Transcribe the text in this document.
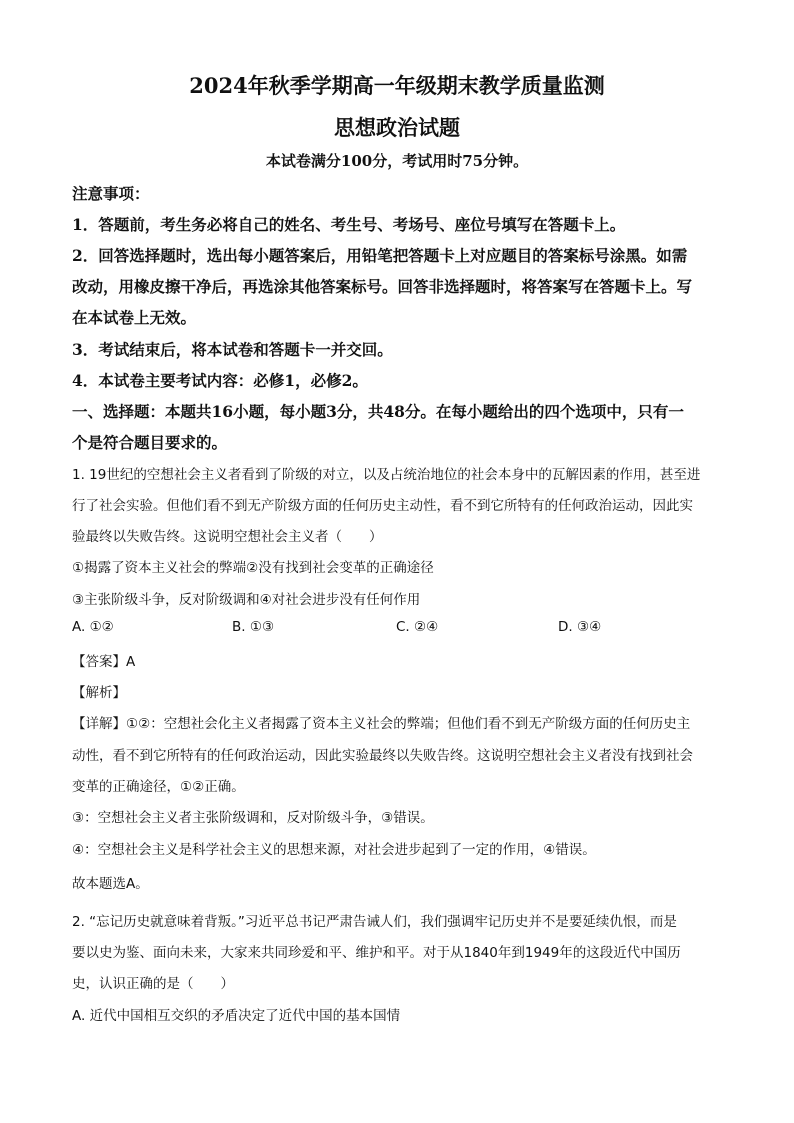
2024年秋季学期高一年级期末教学质量监测
思想政治试题
本试卷满分100分，考试用时75分钟。
注意事项：
1．答题前，考生务必将自己的姓名、考生号、考场号、座位号填写在答题卡上。
2．回答选择题时，选出每小题答案后，用铅笔把答题卡上对应题目的答案标号涂黑。如需
改动，用橡皮擦干净后，再选涂其他答案标号。回答非选择题时，将答案写在答题卡上。写
在本试卷上无效。
3．考试结束后，将本试卷和答题卡一并交回。
4．本试卷主要考试内容：必修1，必修2。
一、选择题：本题共16小题，每小题3分，共48分。在每小题给出的四个选项中，只有一
个是符合题目要求的。
1. 19世纪的空想社会主义者看到了阶级的对立，以及占统治地位的社会本身中的瓦解因素的作用，甚至进
行了社会实验。但他们看不到无产阶级方面的任何历史主动性，看不到它所特有的任何政治运动，因此实
验最终以失败告终。这说明空想社会主义者（　　）
①揭露了资本主义社会的弊端②没有找到社会变革的正确途径
③主张阶级斗争，反对阶级调和④对社会进步没有任何作用
A. ①②	B. ①③	C. ②④	D. ③④
【答案】A
【解析】
【详解】①②：空想社会化主义者揭露了资本主义社会的弊端；但他们看不到无产阶级方面的任何历史主
动性，看不到它所特有的任何政治运动，因此实验最终以失败告终。这说明空想社会主义者没有找到社会
变革的正确途径，①②正确。
③：空想社会主义者主张阶级调和，反对阶级斗争，③错误。
④：空想社会主义是科学社会主义的思想来源，对社会进步起到了一定的作用，④错误。
故本题选A。
2. “忘记历史就意味着背叛。”习近平总书记严肃告诫人们，我们强调牢记历史并不是要延续仇恨，而是
要以史为鉴、面向未来，大家来共同珍爱和平、维护和平。对于从1840年到1949年的这段近代中国历
史，认识正确的是（　　）
A. 近代中国相互交织的矛盾决定了近代中国的基本国情
